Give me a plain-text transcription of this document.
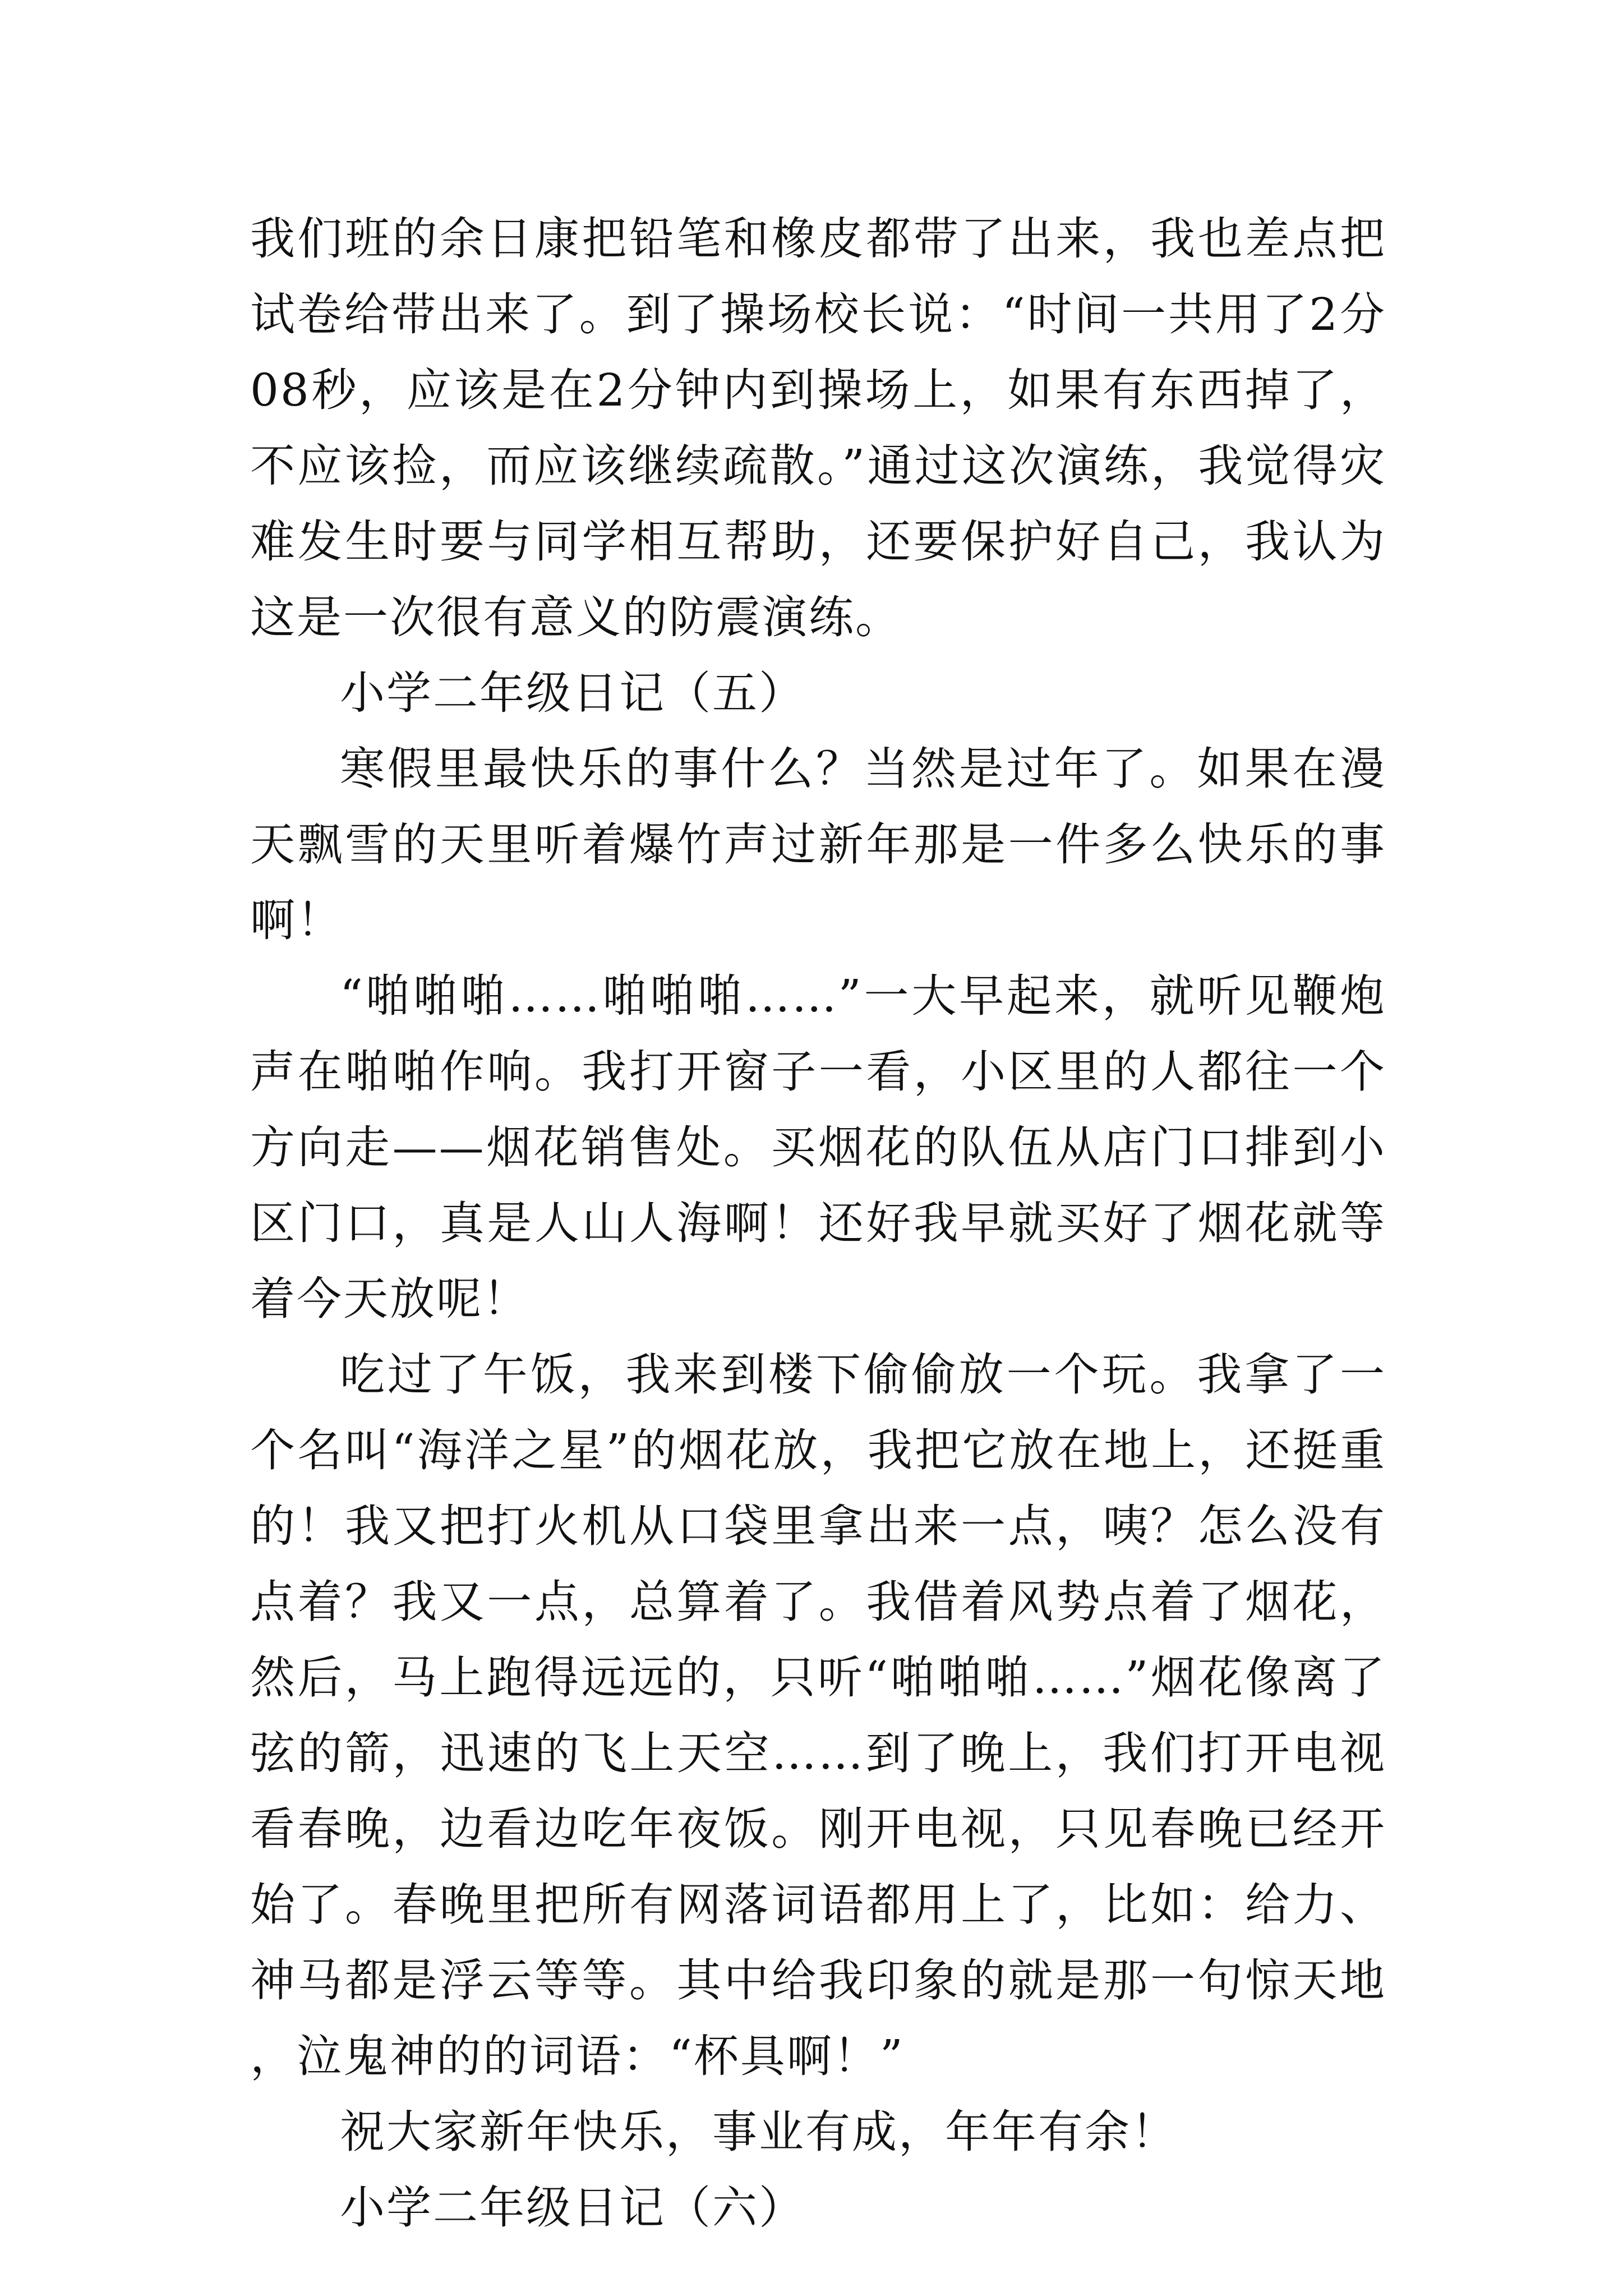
我们班的余日康把铅笔和橡皮都带了出来，我也差点把试卷给带出来了。到了操场校长说：“时间一共用了2分08秒，应该是在2分钟内到操场上，如果有东西掉了，不应该捡，而应该继续疏散。”通过这次演练，我觉得灾难发生时要与同学相互帮助，还要保护好自己，我认为这是一次很有意义的防震演练。

小学二年级日记（五）

寒假里最快乐的事什么？当然是过年了。如果在漫天飘雪的天里听着爆竹声过新年那是一件多么快乐的事啊！

“啪啪啪……啪啪啪……”一大早起来，就听见鞭炮声在啪啪作响。我打开窗子一看，小区里的人都往一个方向走——烟花销售处。买烟花的队伍从店门口排到小区门口，真是人山人海啊！还好我早就买好了烟花就等着今天放呢！

吃过了午饭，我来到楼下偷偷放一个玩。我拿了一个名叫“海洋之星”的烟花放，我把它放在地上，还挺重的！我又把打火机从口袋里拿出来一点，咦？怎么没有点着？我又一点，总算着了。我借着风势点着了烟花，然后，马上跑得远远的，只听“啪啪啪……”烟花像离了弦的箭，迅速的飞上天空……到了晚上，我们打开电视看春晚，边看边吃年夜饭。刚开电视，只见春晚已经开始了。春晚里把所有网落词语都用上了，比如：给力、神马都是浮云等等。其中给我印象的就是那一句惊天地，泣鬼神的的词语：“杯具啊！”

祝大家新年快乐，事业有成，年年有余！

小学二年级日记（六）
